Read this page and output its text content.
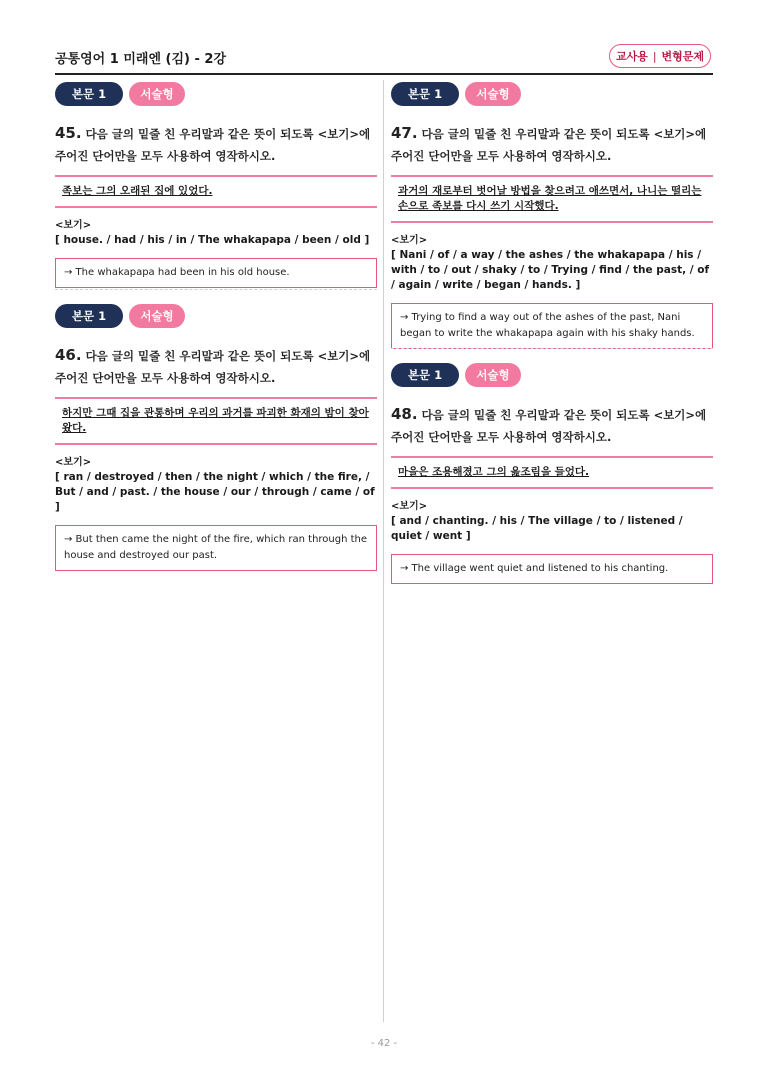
공통영어 1 미래엔 (김) - 2강	교사용 | 변형문제
본문 1	서술형
45. 다음 글의 밑줄 친 우리말과 같은 뜻이 되도록 <보기>에 주어진 단어만을 모두 사용하여 영작하시오.
족보는 그의 오래된 집에 있었다.
<보기>
[ house. / had / his / in / The whakapapa / been / old ]
→ The whakapapa had been in his old house.
본문 1	서술형
46. 다음 글의 밑줄 친 우리말과 같은 뜻이 되도록 <보기>에 주어진 단어만을 모두 사용하여 영작하시오.
하지만 그때 집을 관통하며 우리의 과거를 파괴한 화재의 밤이 찾아왔다.
<보기>
[ ran / destroyed / then / the night / which / the fire, / But / and / past. / the house / our / through / came / of ]
→ But then came the night of the fire, which ran through the house and destroyed our past.
본문 1	서술형
47. 다음 글의 밑줄 친 우리말과 같은 뜻이 되도록 <보기>에 주어진 단어만을 모두 사용하여 영작하시오.
과거의 재로부터 벗어날 방법을 찾으려고 애쓰면서, 나니는 떨리는 손으로 족보를 다시 쓰기 시작했다.
<보기>
[ Nani / of / a way / the ashes / the whakapapa / his / with / to / out / shaky / to / Trying / find / the past, / of / again / write / began / hands. ]
→ Trying to find a way out of the ashes of the past, Nani began to write the whakapapa again with his shaky hands.
본문 1	서술형
48. 다음 글의 밑줄 친 우리말과 같은 뜻이 되도록 <보기>에 주어진 단어만을 모두 사용하여 영작하시오.
마을은 조용해졌고 그의 읊조림을 들었다.
<보기>
[ and / chanting. / his / The village / to / listened / quiet / went ]
→ The village went quiet and listened to his chanting.
- 42 -
